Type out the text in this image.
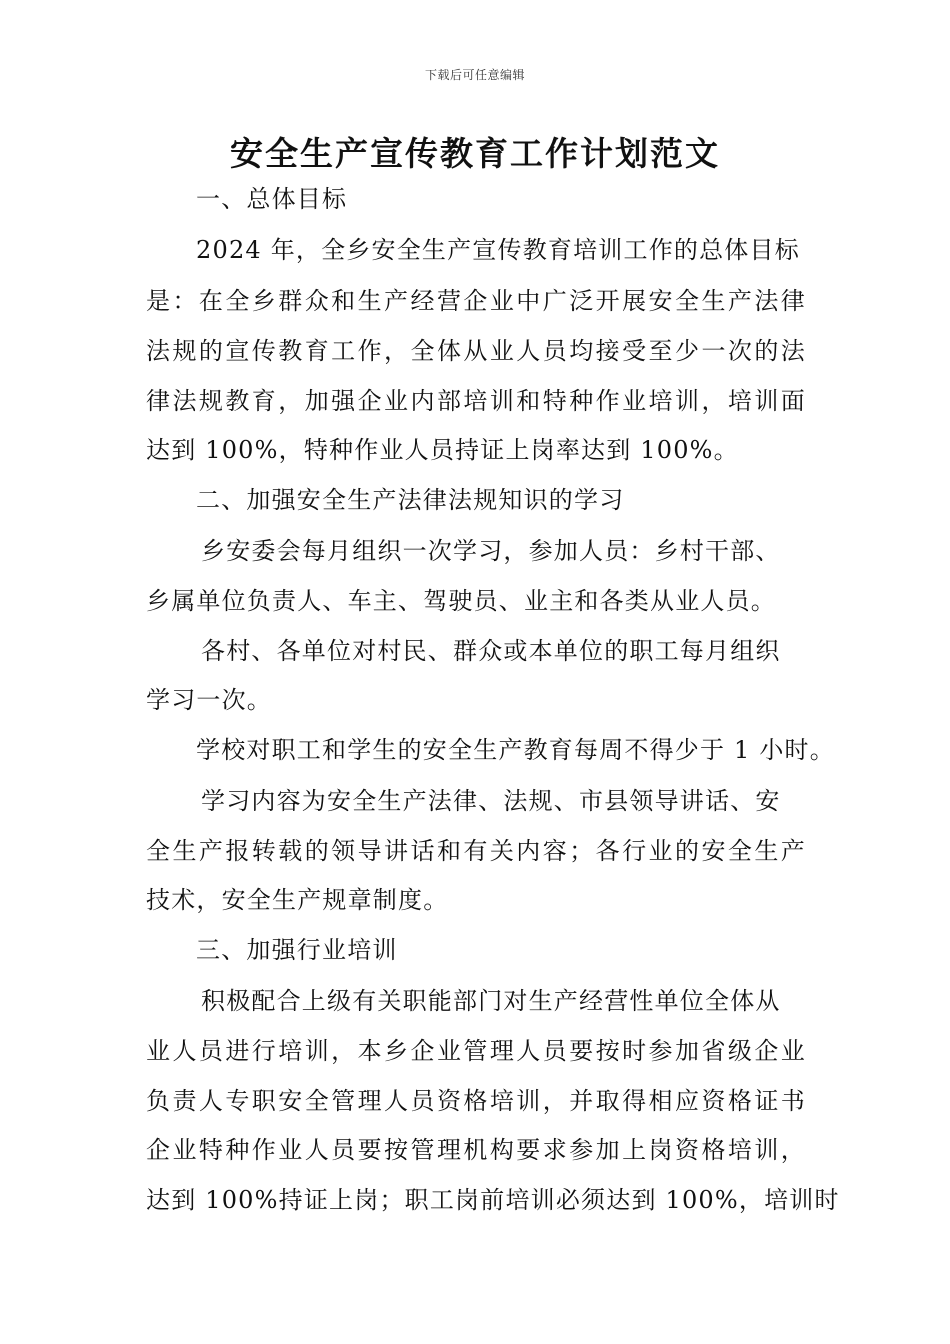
下载后可任意编辑
安全生产宣传教育工作计划范文
一、总体目标
2024 年，全乡安全生产宣传教育培训工作的总体目标
是：在全乡群众和生产经营企业中广泛开展安全生产法律
法规的宣传教育工作，全体从业人员均接受至少一次的法
律法规教育，加强企业内部培训和特种作业培训，培训面
达到 100%，特种作业人员持证上岗率达到 100%。
二、加强安全生产法律法规知识的学习
乡安委会每月组织一次学习，参加人员：乡村干部、
乡属单位负责人、车主、驾驶员、业主和各类从业人员。
各村、各单位对村民、群众或本单位的职工每月组织
学习一次。
学校对职工和学生的安全生产教育每周不得少于 1 小时。
学习内容为安全生产法律、法规、市县领导讲话、安
全生产报转载的领导讲话和有关内容；各行业的安全生产
技术，安全生产规章制度。
三、加强行业培训
积极配合上级有关职能部门对生产经营性单位全体从
业人员进行培训，本乡企业管理人员要按时参加省级企业
负责人专职安全管理人员资格培训，并取得相应资格证书
企业特种作业人员要按管理机构要求参加上岗资格培训，
达到 100%持证上岗；职工岗前培训必须达到 100%，培训时
